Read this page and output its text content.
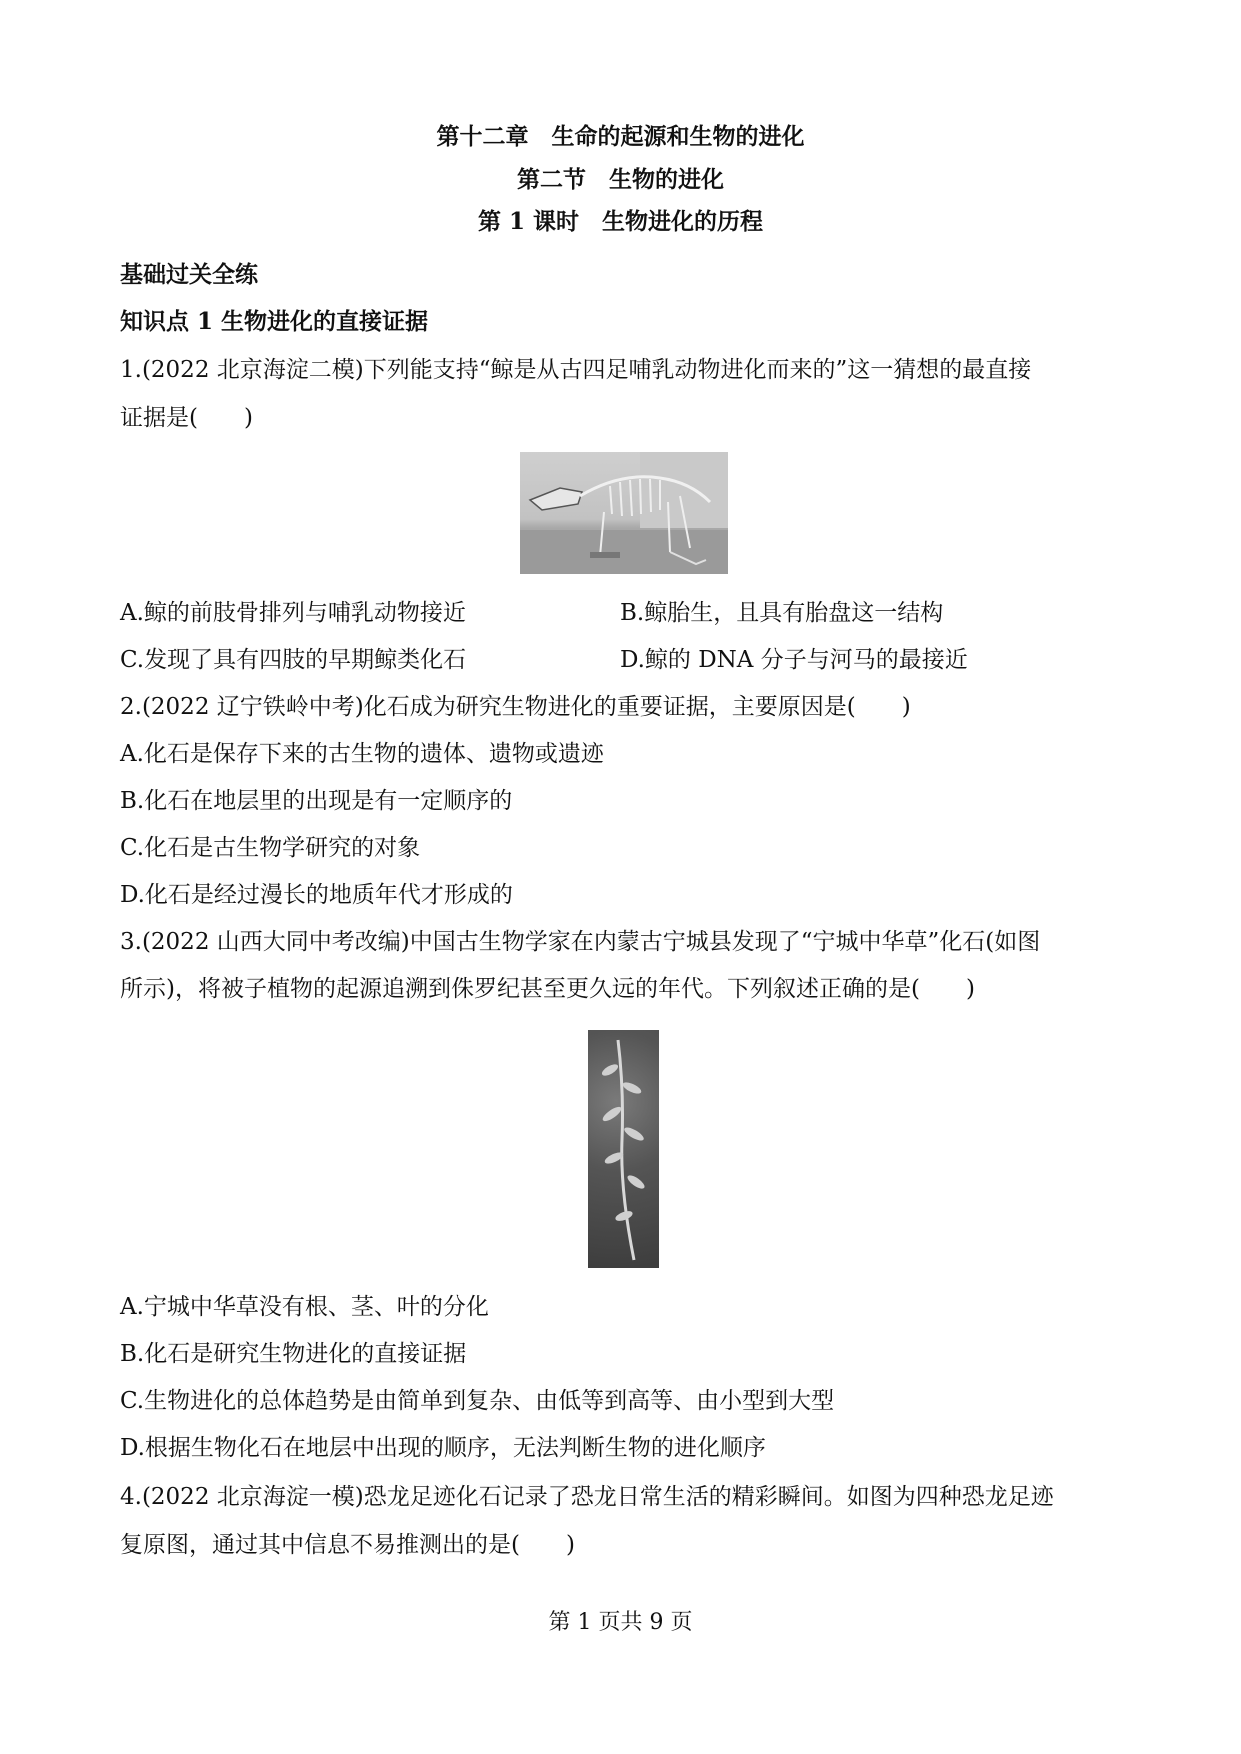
第十二章　生命的起源和生物的进化
第二节　生物的进化
第 1 课时　生物进化的历程
基础过关全练
知识点 1 生物进化的直接证据
1.(2022 北京海淀二模)下列能支持“鲸是从古四足哺乳动物进化而来的”这一猜想的最直接
证据是(　　)
A.鲸的前肢骨排列与哺乳动物接近	B.鲸胎生，且具有胎盘这一结构
C.发现了具有四肢的早期鲸类化石	D.鲸的 DNA 分子与河马的最接近
2.(2022 辽宁铁岭中考)化石成为研究生物进化的重要证据，主要原因是(　　)
A.化石是保存下来的古生物的遗体、遗物或遗迹
B.化石在地层里的出现是有一定顺序的
C.化石是古生物学研究的对象
D.化石是经过漫长的地质年代才形成的
3.(2022 山西大同中考改编)中国古生物学家在内蒙古宁城县发现了“宁城中华草”化石(如图
所示)，将被子植物的起源追溯到侏罗纪甚至更久远的年代。下列叙述正确的是(　　)
A.宁城中华草没有根、茎、叶的分化
B.化石是研究生物进化的直接证据
C.生物进化的总体趋势是由简单到复杂、由低等到高等、由小型到大型
D.根据生物化石在地层中出现的顺序，无法判断生物的进化顺序
4.(2022 北京海淀一模)恐龙足迹化石记录了恐龙日常生活的精彩瞬间。如图为四种恐龙足迹
复原图，通过其中信息不易推测出的是(　　)
第 1 页共 9 页
